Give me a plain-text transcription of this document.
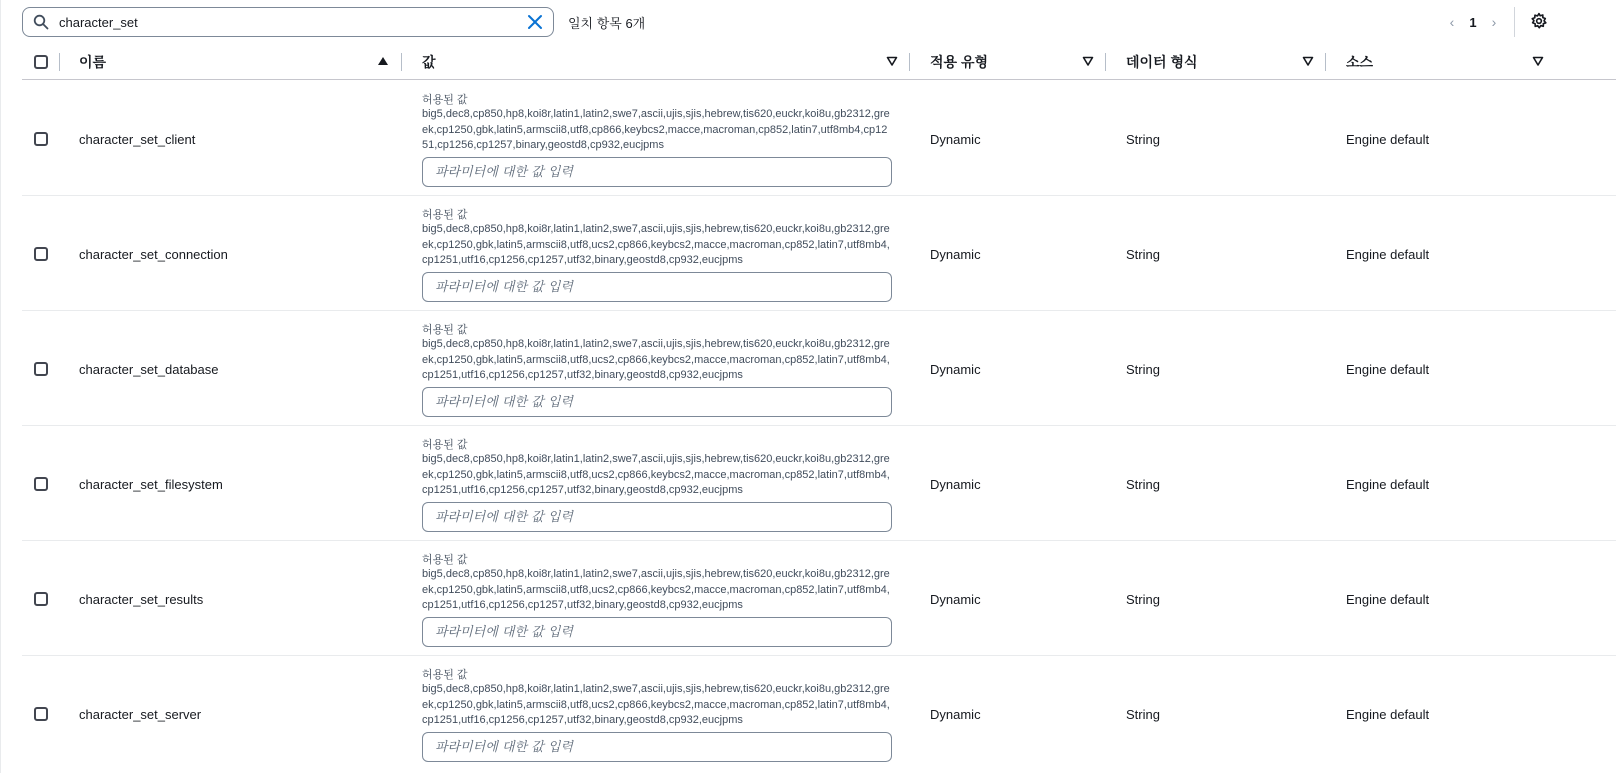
character_set
일치 항목 6개	‹	1	›
이름	값	적용 유형	데이터 형식	소스
character_set_client
허용된 값
big5,dec8,cp850,hp8,koi8r,latin1,latin2,swe7,ascii,ujis,sjis,hebrew,tis620,euckr,koi8u,gb2312,greek,cp1250,gbk,latin5,armscii8,utf8,cp866,keybcs2,macce,macroman,cp852,latin7,utf8mb4,cp1251,cp1256,cp1257,binary,geostd8,cp932,eucjpms
파라미터에 대한 값 입력	Dynamic	String	Engine default
character_set_connection
허용된 값
big5,dec8,cp850,hp8,koi8r,latin1,latin2,swe7,ascii,ujis,sjis,hebrew,tis620,euckr,koi8u,gb2312,greek,cp1250,gbk,latin5,armscii8,utf8,ucs2,cp866,keybcs2,macce,macroman,cp852,latin7,utf8mb4,cp1251,utf16,cp1256,cp1257,utf32,binary,geostd8,cp932,eucjpms
파라미터에 대한 값 입력	Dynamic	String	Engine default
character_set_database
허용된 값
big5,dec8,cp850,hp8,koi8r,latin1,latin2,swe7,ascii,ujis,sjis,hebrew,tis620,euckr,koi8u,gb2312,greek,cp1250,gbk,latin5,armscii8,utf8,ucs2,cp866,keybcs2,macce,macroman,cp852,latin7,utf8mb4,cp1251,utf16,cp1256,cp1257,utf32,binary,geostd8,cp932,eucjpms
파라미터에 대한 값 입력	Dynamic	String	Engine default
character_set_filesystem
허용된 값
big5,dec8,cp850,hp8,koi8r,latin1,latin2,swe7,ascii,ujis,sjis,hebrew,tis620,euckr,koi8u,gb2312,greek,cp1250,gbk,latin5,armscii8,utf8,ucs2,cp866,keybcs2,macce,macroman,cp852,latin7,utf8mb4,cp1251,utf16,cp1256,cp1257,utf32,binary,geostd8,cp932,eucjpms
파라미터에 대한 값 입력	Dynamic	String	Engine default
character_set_results
허용된 값
big5,dec8,cp850,hp8,koi8r,latin1,latin2,swe7,ascii,ujis,sjis,hebrew,tis620,euckr,koi8u,gb2312,greek,cp1250,gbk,latin5,armscii8,utf8,ucs2,cp866,keybcs2,macce,macroman,cp852,latin7,utf8mb4,cp1251,utf16,cp1256,cp1257,utf32,binary,geostd8,cp932,eucjpms
파라미터에 대한 값 입력	Dynamic	String	Engine default
character_set_server
허용된 값
big5,dec8,cp850,hp8,koi8r,latin1,latin2,swe7,ascii,ujis,sjis,hebrew,tis620,euckr,koi8u,gb2312,greek,cp1250,gbk,latin5,armscii8,utf8,ucs2,cp866,keybcs2,macce,macroman,cp852,latin7,utf8mb4,cp1251,utf16,cp1256,cp1257,utf32,binary,geostd8,cp932,eucjpms
파라미터에 대한 값 입력	Dynamic	String	Engine default
